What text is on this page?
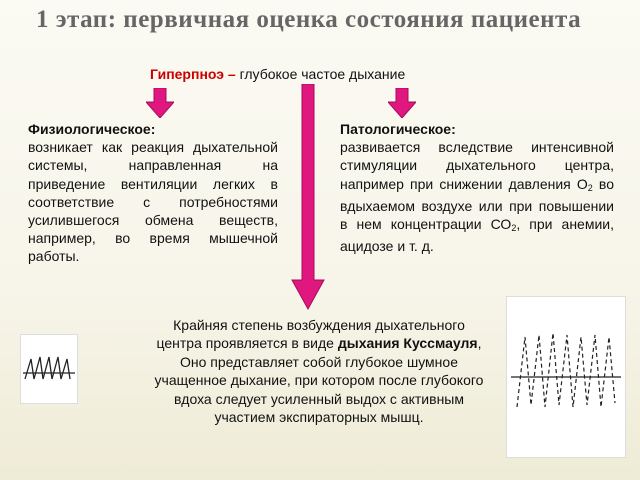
1 этап: первичная оценка состояния пациента
Гиперпноэ – глубокое частое дыхание
Физиологическое:
возникает как реакция дыхательной системы, направленная на приведение вентиляции легких в соответствие с потребностями усилившегося обмена веществ, например, во время мышечной работы.
Патологическое:
развивается вследствие интенсивной стимуляции дыхательного центра, например при снижении давления $О_2$ во вдыхаемом воздухе или при повышении в нем концентрации $СО_2$, при анемии, ацидозе и т. д.
Крайняя степень возбуждения дыхательного центра проявляется в виде дыхания Куссмауля,
Оно представляет собой глубокое шумное учащенное дыхание, при котором после глубокого вдоха следует усиленный выдох с активным участием экспираторных мышц.
